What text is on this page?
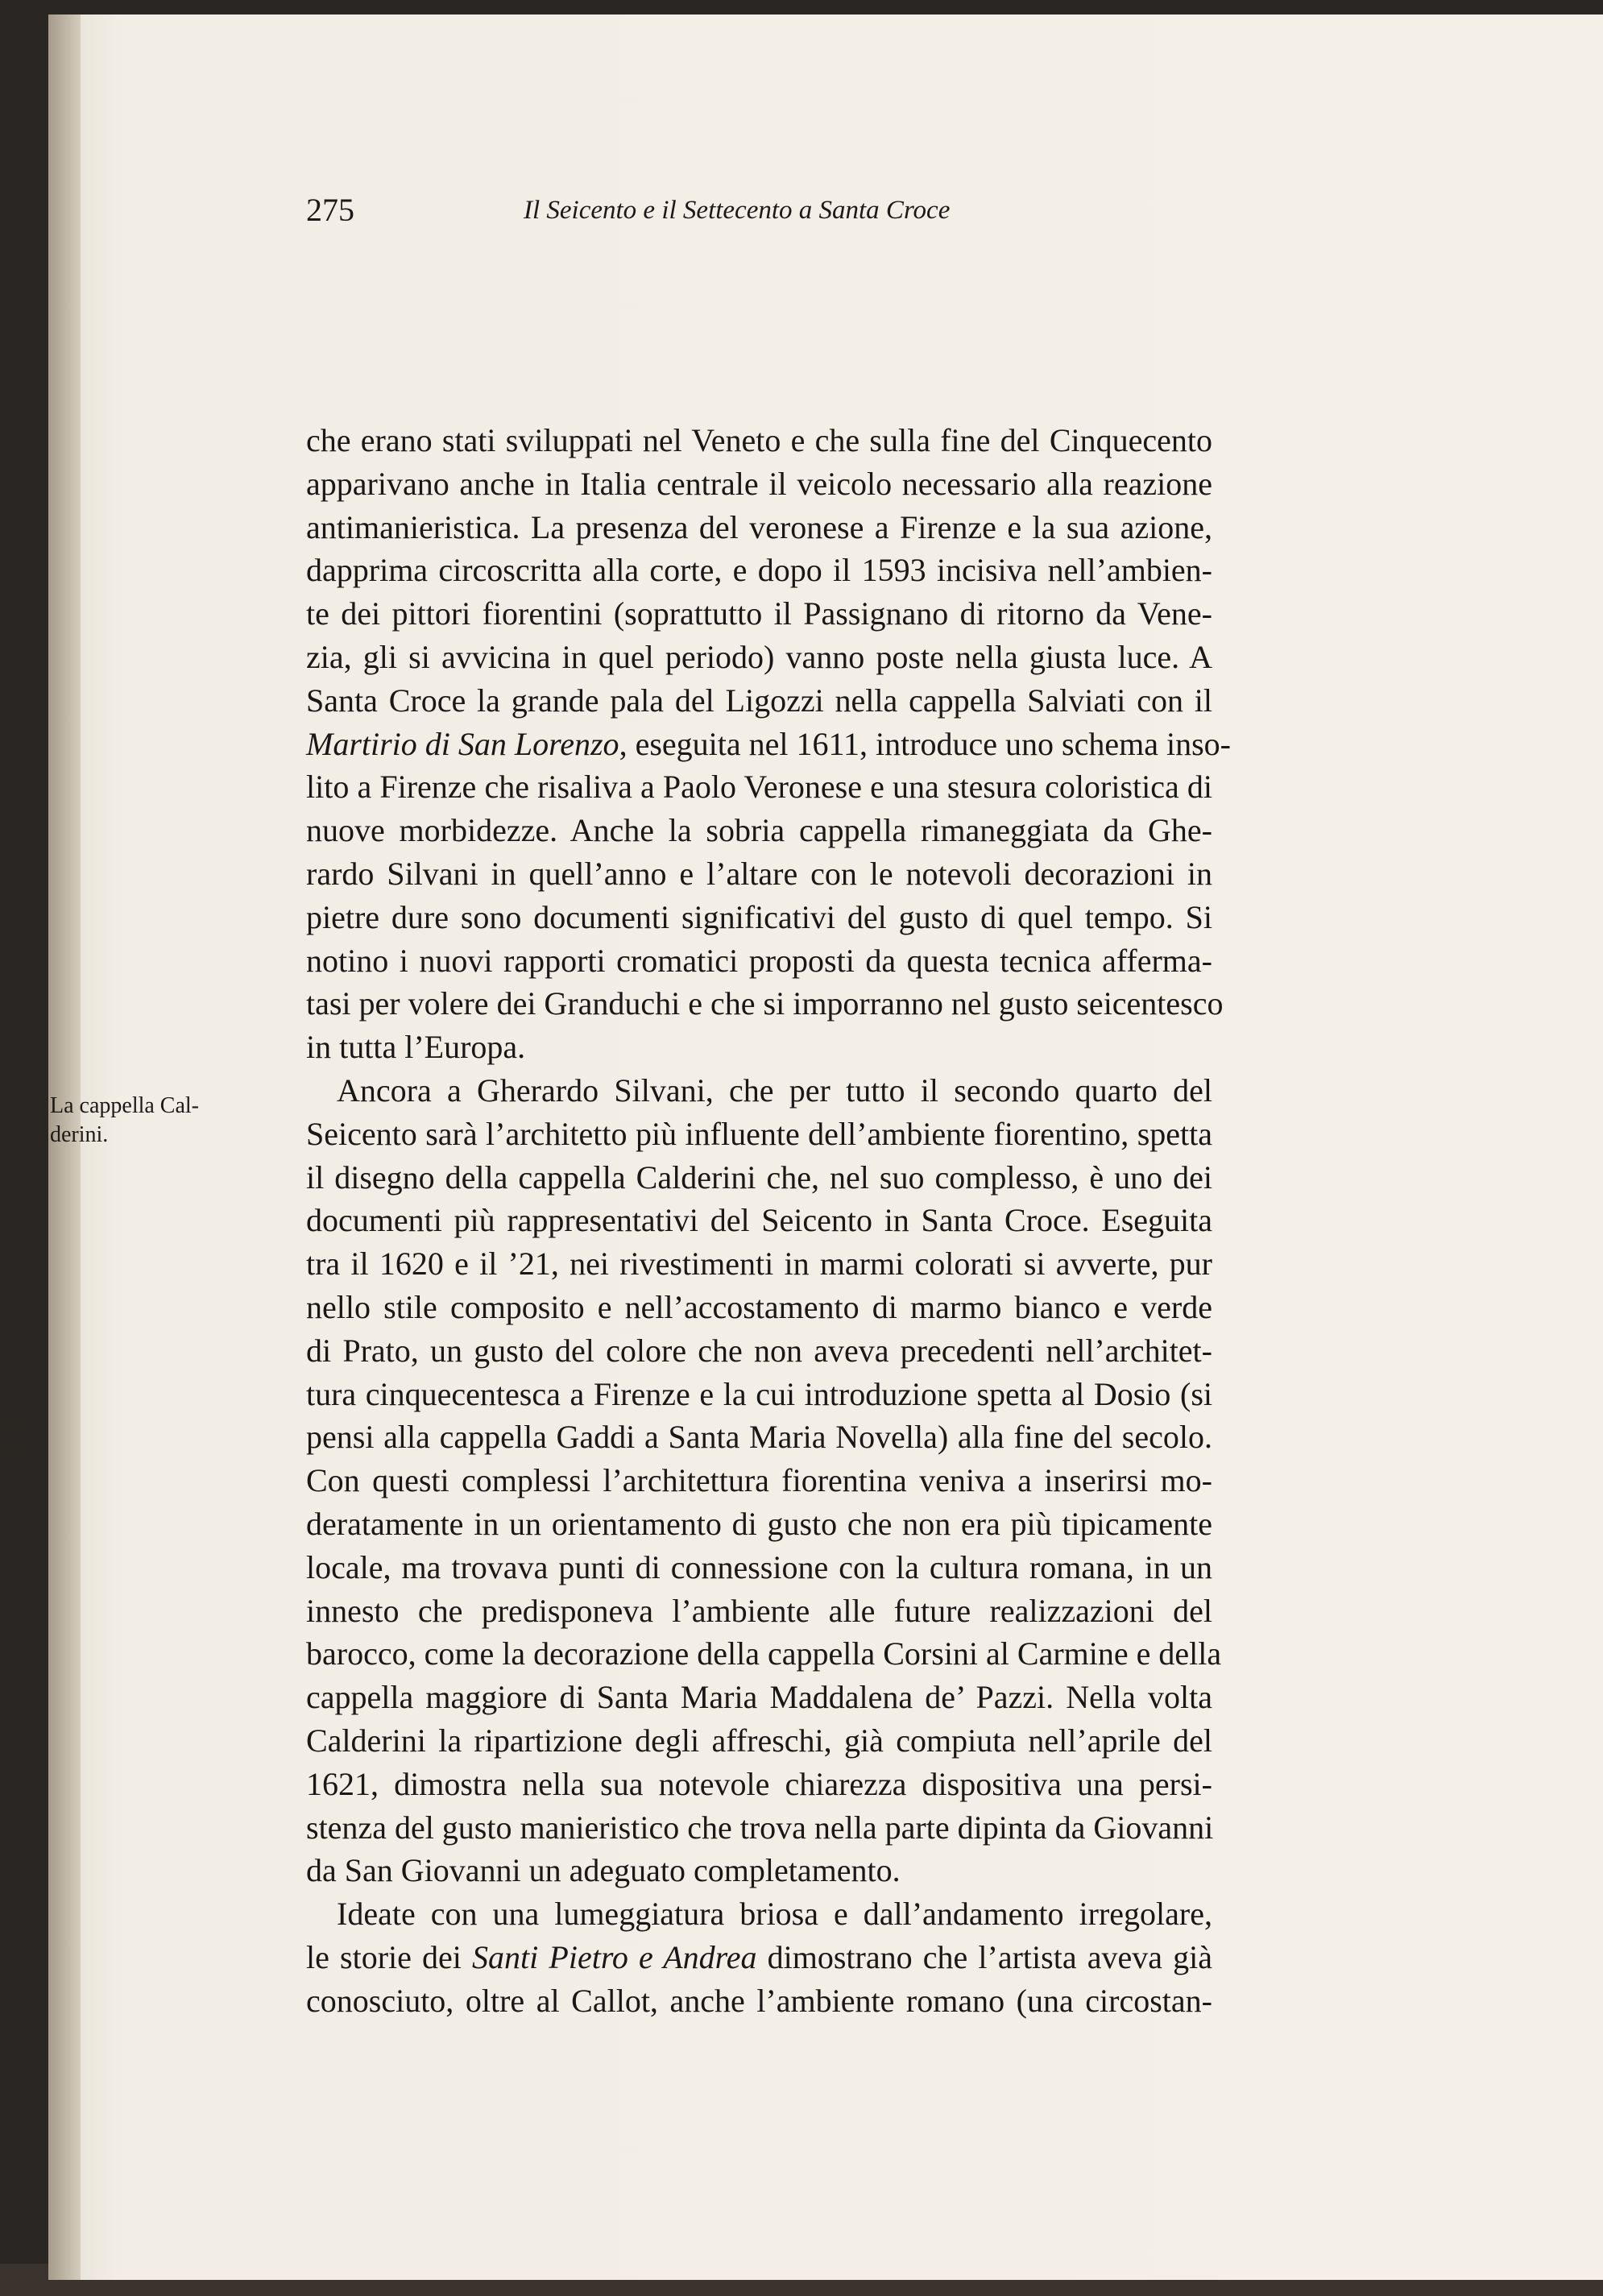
co-
lle
275	Il Seicento e il Settecento a Santa Croce
La cappella Cal-
derini.
che erano stati sviluppati nel Veneto e che sulla fine del Cinquecento
apparivano anche in Italia centrale il veicolo necessario alla reazione
antimanieristica. La presenza del veronese a Firenze e la sua azione,
dapprima circoscritta alla corte, e dopo il 1593 incisiva nell’ambien-
te dei pittori fiorentini (soprattutto il Passignano di ritorno da Vene-
zia, gli si avvicina in quel periodo) vanno poste nella giusta luce. A
Santa Croce la grande pala del Ligozzi nella cappella Salviati con il
Martirio di San Lorenzo, eseguita nel 1611, introduce uno schema inso-
lito a Firenze che risaliva a Paolo Veronese e una stesura coloristica di
nuove morbidezze. Anche la sobria cappella rimaneggiata da Ghe-
rardo Silvani in quell’anno e l’altare con le notevoli decorazioni in
pietre dure sono documenti significativi del gusto di quel tempo. Si
notino i nuovi rapporti cromatici proposti da questa tecnica afferma-
tasi per volere dei Granduchi e che si imporranno nel gusto seicentesco
in tutta l’Europa.
Ancora a Gherardo Silvani, che per tutto il secondo quarto del
Seicento sarà l’architetto più influente dell’ambiente fiorentino, spetta
il disegno della cappella Calderini che, nel suo complesso, è uno dei
documenti più rappresentativi del Seicento in Santa Croce. Eseguita
tra il 1620 e il ’21, nei rivestimenti in marmi colorati si avverte, pur
nello stile composito e nell’accostamento di marmo bianco e verde
di Prato, un gusto del colore che non aveva precedenti nell’architet-
tura cinquecentesca a Firenze e la cui introduzione spetta al Dosio (si
pensi alla cappella Gaddi a Santa Maria Novella) alla fine del secolo.
Con questi complessi l’architettura fiorentina veniva a inserirsi mo-
deratamente in un orientamento di gusto che non era più tipicamente
locale, ma trovava punti di connessione con la cultura romana, in un
innesto che predisponeva l’ambiente alle future realizzazioni del
barocco, come la decorazione della cappella Corsini al Carmine e della
cappella maggiore di Santa Maria Maddalena de’ Pazzi. Nella volta
Calderini la ripartizione degli affreschi, già compiuta nell’aprile del
1621, dimostra nella sua notevole chiarezza dispositiva una persi-
stenza del gusto manieristico che trova nella parte dipinta da Giovanni
da San Giovanni un adeguato completamento.
Ideate con una lumeggiatura briosa e dall’andamento irregolare,
le storie dei Santi Pietro e Andrea dimostrano che l’artista aveva già
conosciuto, oltre al Callot, anche l’ambiente romano (una circostan-
